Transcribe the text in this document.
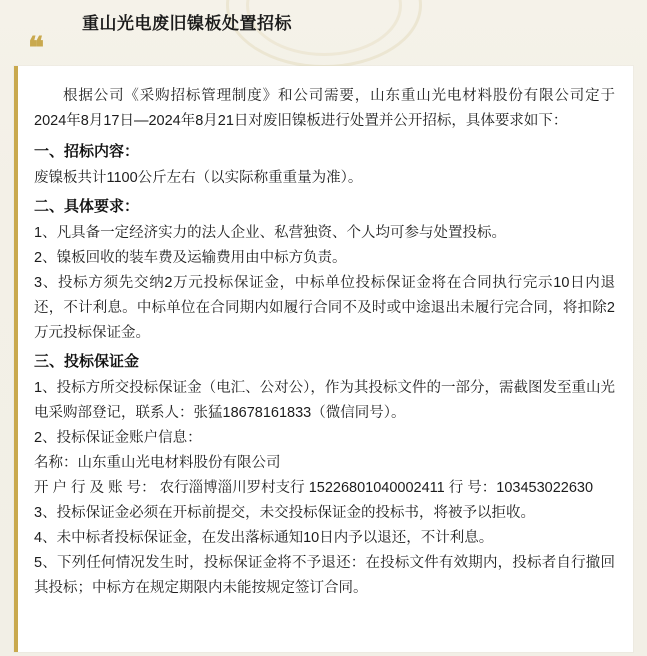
重山光电废旧镍板处置招标
❝

根据公司《采购招标管理制度》和公司需要，山东重山光电材料股份有限公司定于2024年8月17日—2024年8月21日对废旧镍板进行处置并公开招标，具体要求如下：

一、招标内容：

废镍板共计1100公斤左右（以实际称重重量为准）。

二、具体要求：

1、凡具备一定经济实力的法人企业、私营独资、个人均可参与处置投标。

2、镍板回收的装车费及运输费用由中标方负责。

3、投标方须先交纳2万元投标保证金，中标单位投标保证金将在合同执行完示10日内退还，不计利息。中标单位在合同期内如履行合同不及时或中途退出未履行完合同，将扣除2万元投标保证金。

三、投标保证金

1、投标方所交投标保证金（电汇、公对公），作为其投标文件的一部分，需截图发至重山光电采购部登记，联系人：张猛18678161833（微信同号）。

2、投标保证金账户信息：

名称：山东重山光电材料股份有限公司

开 户 行 及 账 号： 农行淄博淄川罗村支行 15226801040002411 行 号：103453022630

3、投标保证金必须在开标前提交，未交投标保证金的投标书，将被予以拒收。

4、未中标者投标保证金，在发出落标通知10日内予以退还，不计利息。

5、下列任何情况发生时，投标保证金将不予退还：在投标文件有效期内，投标者自行撤回其投标；中标方在规定期限内未能按规定签订合同。
